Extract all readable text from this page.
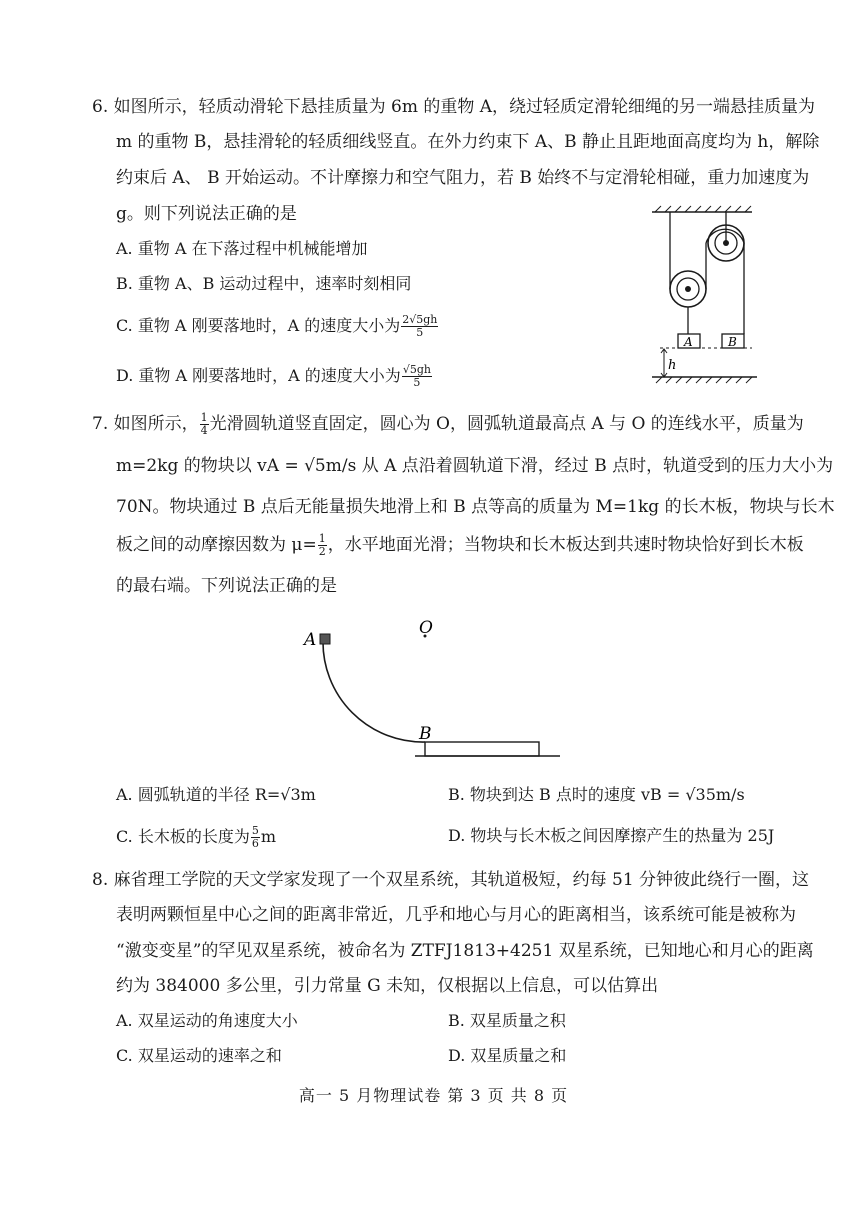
6. 如图所示，轻质动滑轮下悬挂质量为 6m 的重物 A，绕过轻质定滑轮细绳的另一端悬挂质量为
m 的重物 B，悬挂滑轮的轻质细线竖直。在外力约束下 A、B 静止且距地面高度均为 h，解除
约束后 A、 B 开始运动。不计摩擦力和空气阻力，若 B 始终不与定滑轮相碰，重力加速度为
g。则下列说法正确的是
A. 重物 A 在下落过程中机械能增加
B. 重物 A、B 运动过程中，速率时刻相同
C. 重物 A 刚要落地时，A 的速度大小为 $\frac{2√5gh}{5}$
D. 重物 A 刚要落地时，A 的速度大小为 $\frac{√5gh}{5}$
A	B
h
7. 如图所示， $\frac{1}{4}$ 光滑圆轨道竖直固定，圆心为 O，圆弧轨道最高点 A 与 O 的连线水平，质量为
m=2kg 的物块以 vA = √5m/s 从 A 点沿着圆轨道下滑，经过 B 点时，轨道受到的压力大小为
70N。物块通过 B 点后无能量损失地滑上和 B 点等高的质量为 M=1kg 的长木板，物块与长木
板之间的动摩擦因数为 $\mu= \frac{1}{2}$ ，水平地面光滑；当物块和长木板达到共速时物块恰好到长木板
的最右端。下列说法正确的是
A
O
B
A. 圆弧轨道的半径 R=√3m	B. 物块到达 B 点时的速度 vB = √35m/s
C. 长木板的长度为 $\frac{5}{6}$ m	D. 物块与长木板之间因摩擦产生的热量为 25J
8. 麻省理工学院的天文学家发现了一个双星系统，其轨道极短，约每 51 分钟彼此绕行一圈，这
表明两颗恒星中心之间的距离非常近，几乎和地心与月心的距离相当，该系统可能是被称为
“激变变星”的罕见双星系统，被命名为 ZTFJ1813+4251 双星系统，已知地心和月心的距离
约为 384000 多公里，引力常量 G 未知，仅根据以上信息，可以估算出
A. 双星运动的角速度大小	B. 双星质量之积
C. 双星运动的速率之和	D. 双星质量之和
高一 5 月物理试卷 第 3 页 共 8 页
